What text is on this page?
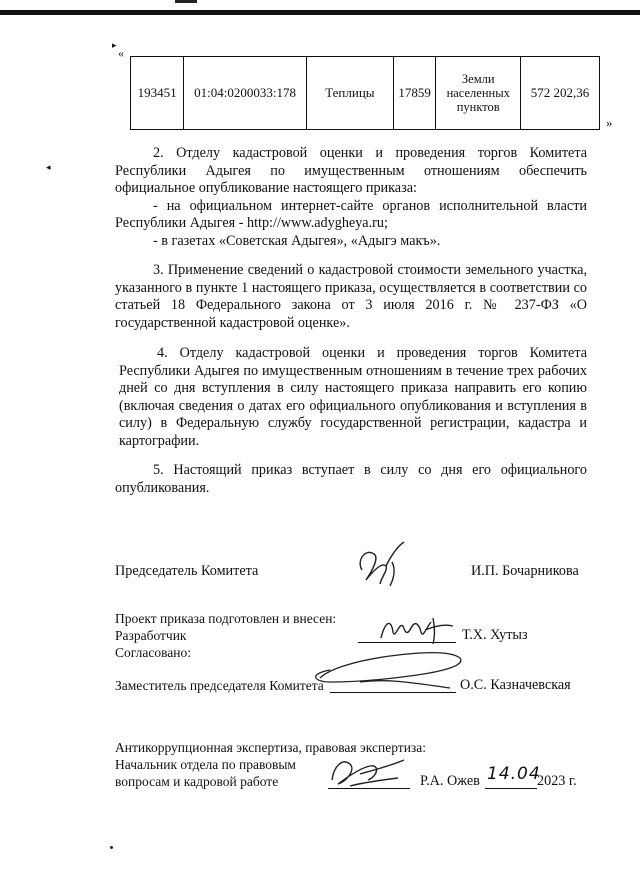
▸
«
193451	01:04:0200033:178	Теплицы	17859	Земли населенных пунктов	572 202,36
»
◂

2. Отделу кадастровой оценки и проведения торгов Комитета Республики Адыгея по имущественным отношениям обеспечить официальное опубликование настоящего приказа:

- на официальном интернет-сайте органов исполнительной власти Республики Адыгея - http://www.adygheya.ru;

- в газетах «Советская Адыгея», «Адыгэ макъ».

3. Применение сведений о кадастровой стоимости земельного участка, указанного в пункте 1 настоящего приказа, осуществляется в соответствии со статьей 18 Федерального закона от 3 июля 2016 г. № 237-ФЗ «О государственной кадастровой оценке».

4. Отделу кадастровой оценки и проведения торгов Комитета Республики Адыгея по имущественным отношениям в течение трех рабочих дней со дня вступления в силу настоящего приказа направить его копию (включая сведения о датах его официального опубликования и вступления в силу) в Федеральную службу государственной регистрации, кадастра и картографии.

5. Настоящий приказ вступает в силу со дня его официального опубликования.

Председатель Комитета	И.П. Бочарникова
Проект приказа подготовлен и внесен:
Разработчик	Т.Х. Хутыз
Согласовано:
Заместитель председателя Комитета	О.С. Казначевская
Антикоррупционная экспертиза, правовая экспертиза:
Начальник отдела по правовым
вопросам и кадровой работе	Р.А. Ожев 14.04
2023 г.
